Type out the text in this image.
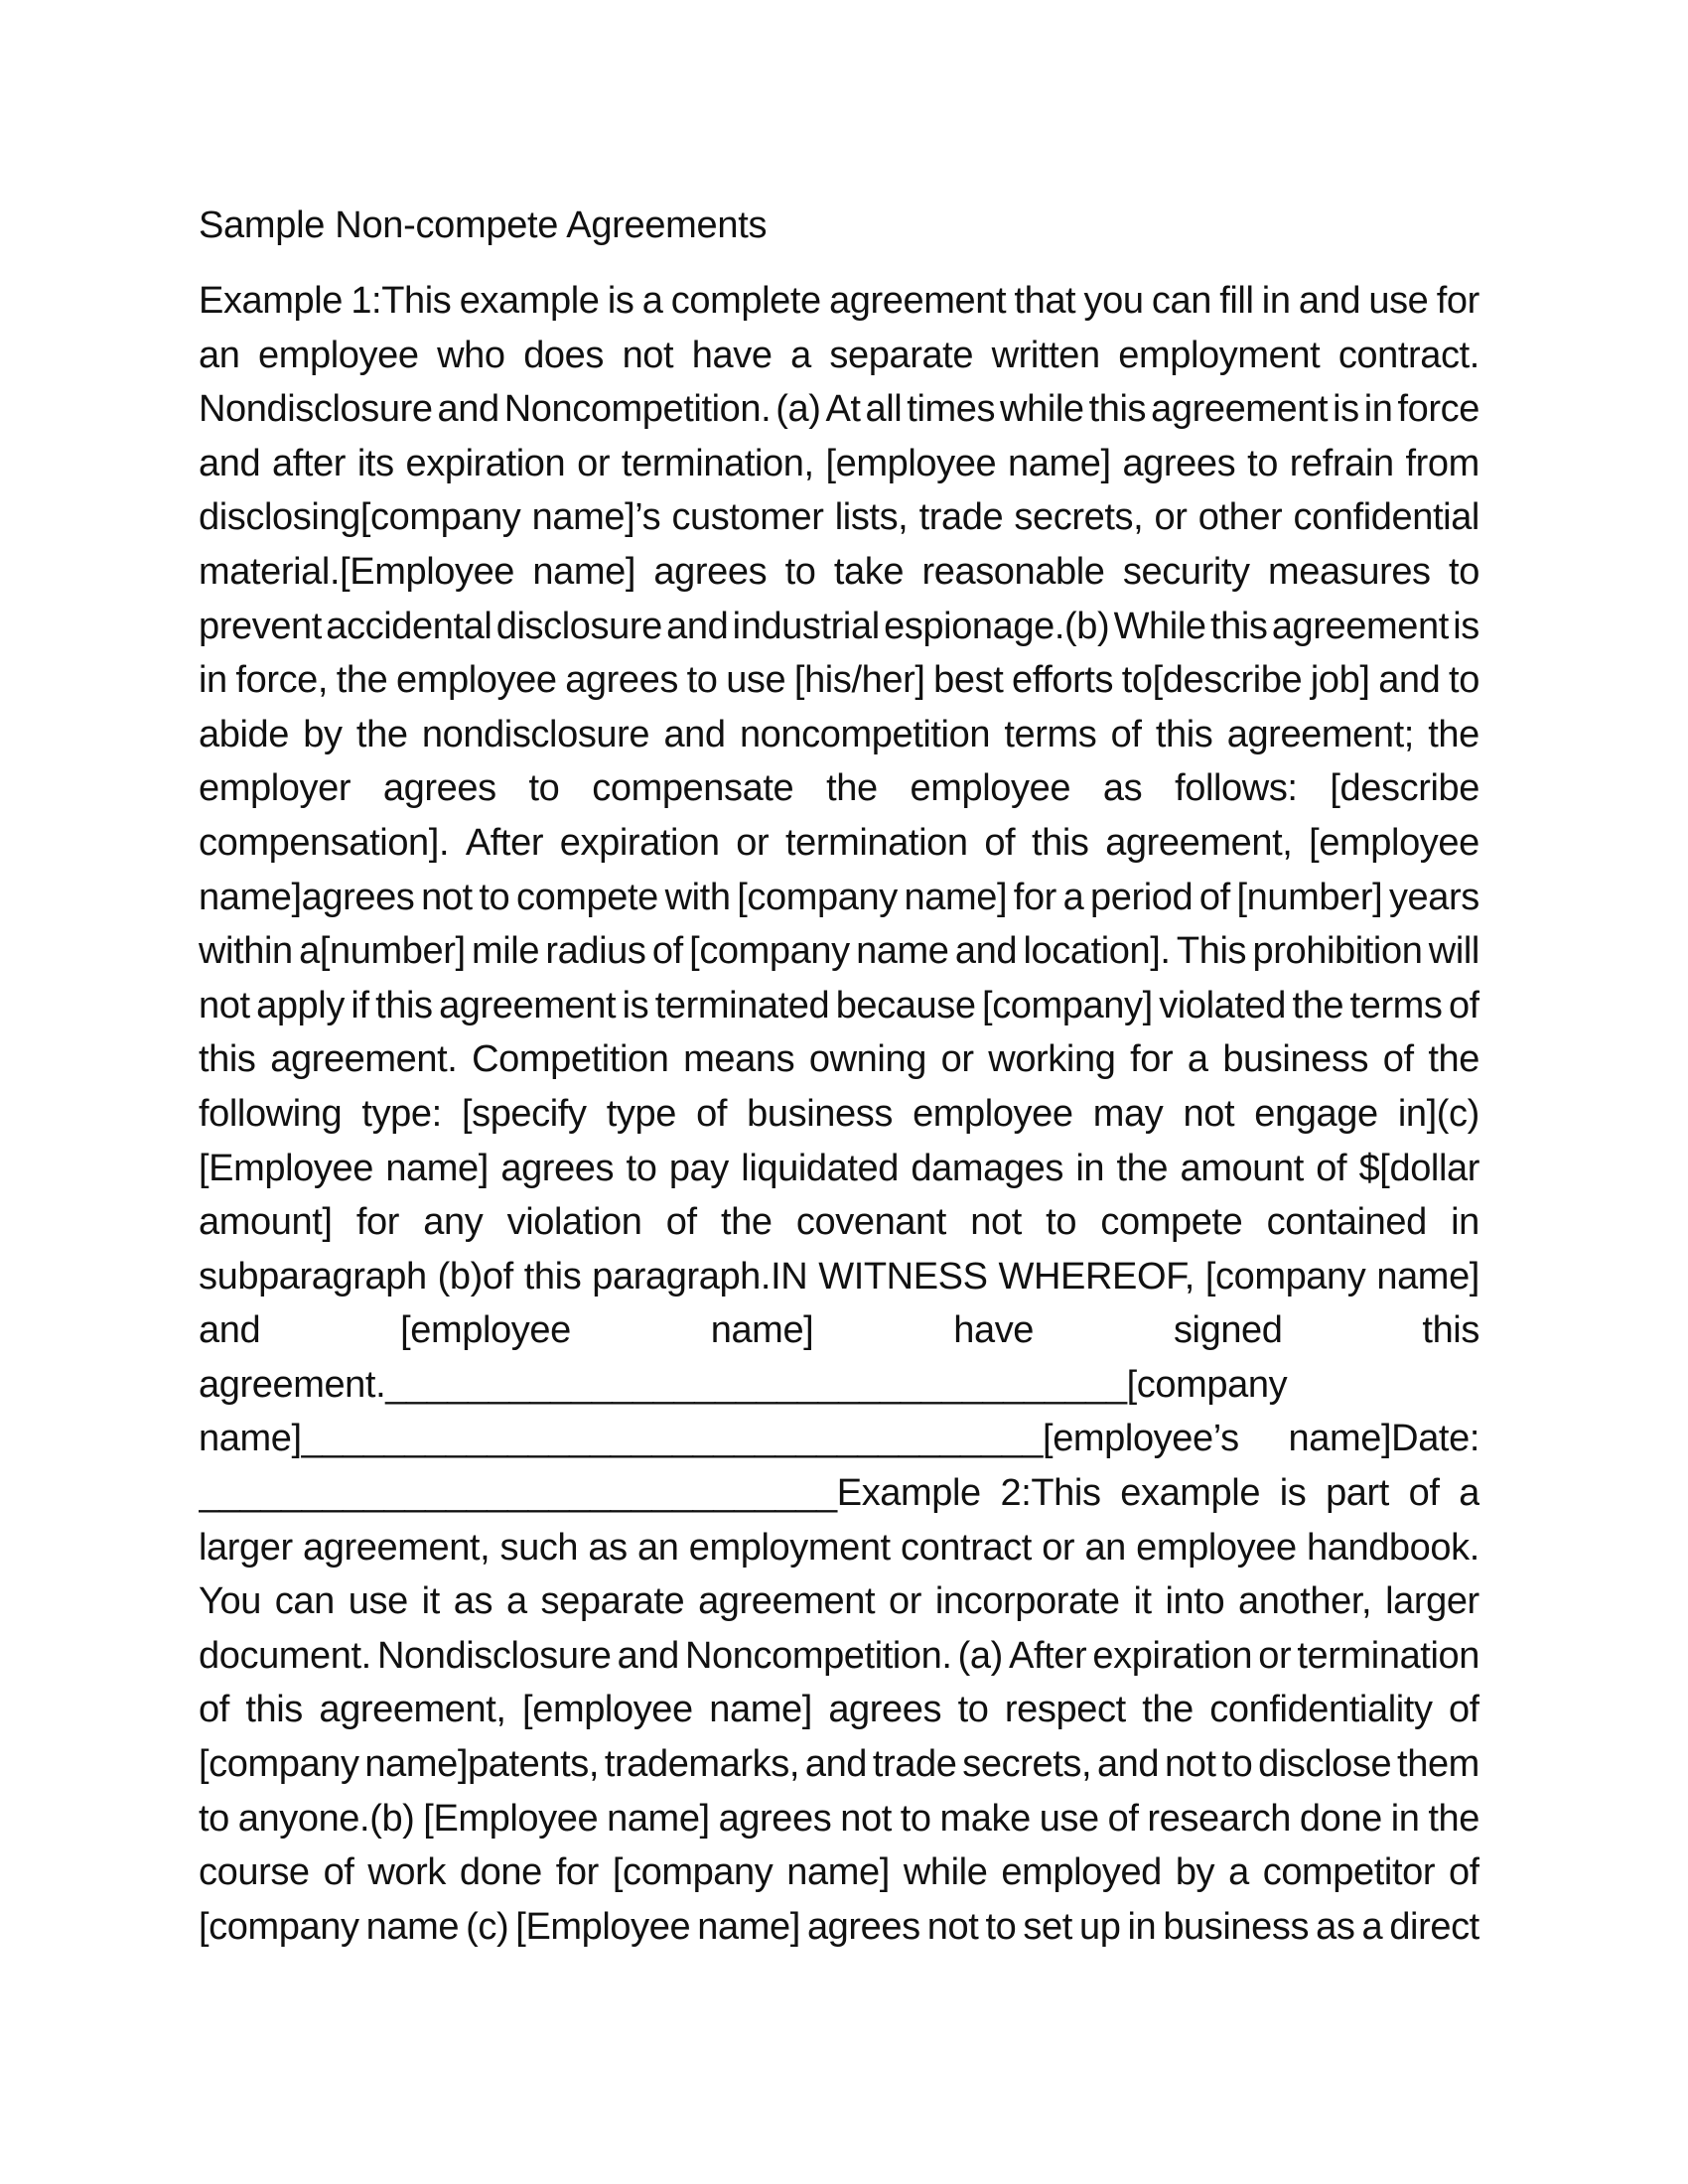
Sample Non-compete Agreements
Example 1:This example is a complete agreement that you can fill in and use for
an employee who does not have a separate written employment contract.
Nondisclosure and Noncompetition. (a) At all times while this agreement is in force
and after its expiration or termination, [employee name] agrees to refrain from
disclosing[company name]’s customer lists, trade secrets, or other confidential
material.[Employee name] agrees to take reasonable security measures to
prevent accidental disclosure and industrial espionage.(b) While this agreement is
in force, the employee agrees to use [his/her] best efforts to[describe job] and to
abide by the nondisclosure and noncompetition terms of this agreement; the
employer agrees to compensate the employee as follows: [describe
compensation]. After expiration or termination of this agreement, [employee
name]agrees not to compete with [company name] for a period of [number] years
within a[number] mile radius of [company name and location]. This prohibition will
not apply if this agreement is terminated because [company] violated the terms of
this agreement. Competition means owning or working for a business of the
following type: [specify type of business employee may not engage in](c)
[Employee name] agrees to pay liquidated damages in the amount of $[dollar
amount] for any violation of the covenant not to compete contained in
subparagraph (b)of this paragraph.IN WITNESS WHEREOF, [company name]
and	[employee	name]	have	signed	this
agreement.____________________________________[company
name]____________________________________[employee’s name]Date:
_______________________________Example 2:This example is part of a
larger agreement, such as an employment contract or an employee handbook.
You can use it as a separate agreement or incorporate it into another, larger
document. Nondisclosure and Noncompetition. (a) After expiration or termination
of this agreement, [employee name] agrees to respect the confidentiality of
[company name]patents, trademarks, and trade secrets, and not to disclose them
to anyone.(b) [Employee name] agrees not to make use of research done in the
course of work done for [company name] while employed by a competitor of
[company name (c) [Employee name] agrees not to set up in business as a direct
